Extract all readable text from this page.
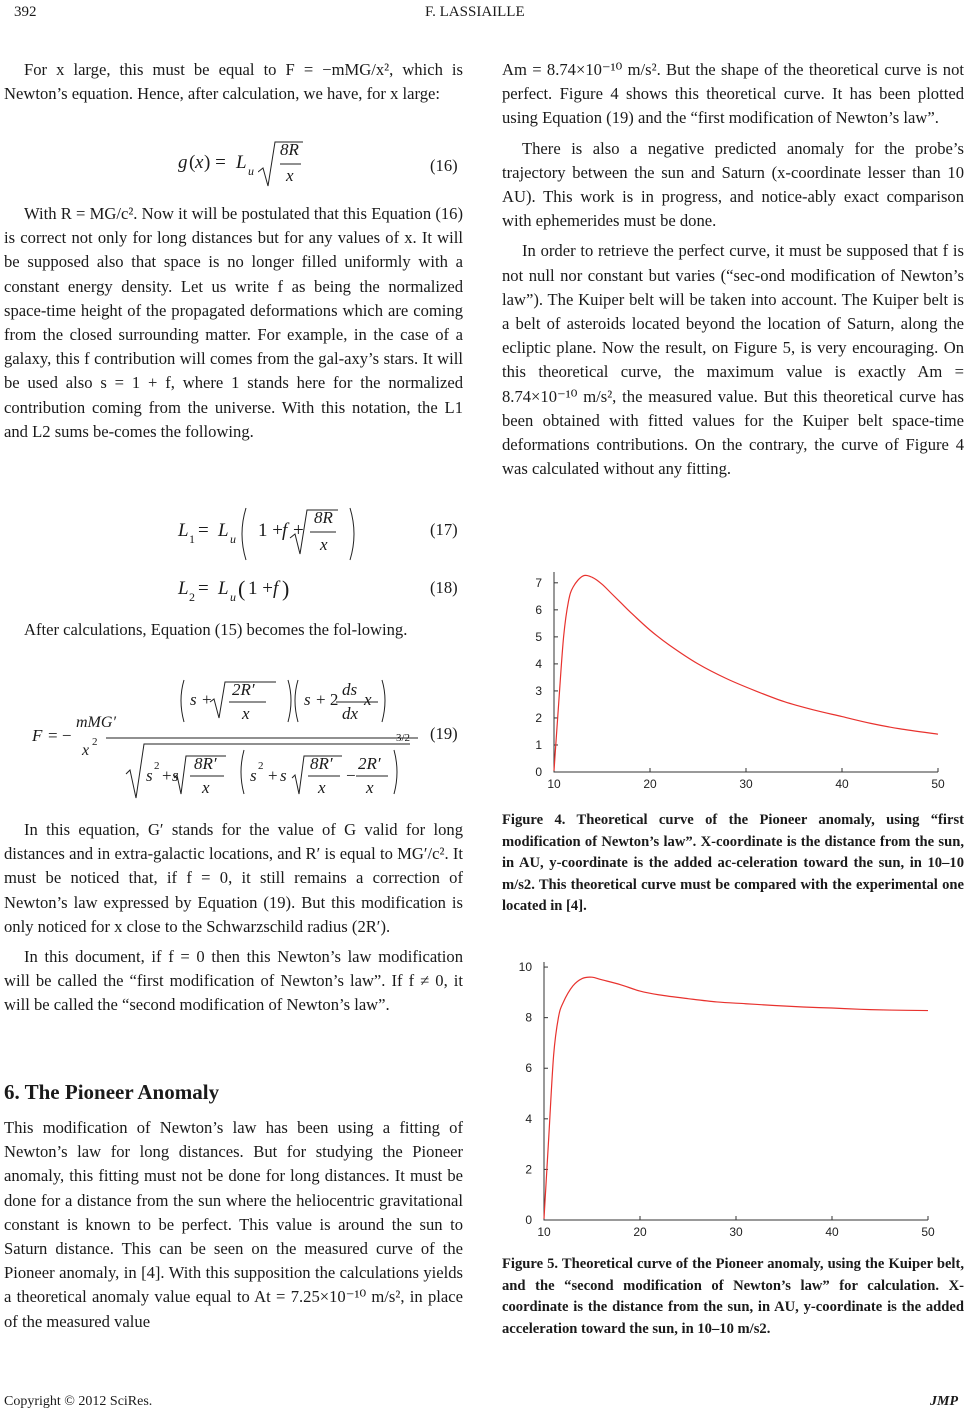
392	F. LASSIAILLE

For x large, this must be equal to F = −mMG/x², which is Newton’s equation. Hence, after calculation, we have, for x large:

g ( x ) = L u
8R
x
(16)

With R = MG/c². Now it will be postulated that this Equation (16) is correct not only for long distances but for any values of x. It will be supposed also that space is no longer filled uniformly with a constant energy density. Let us write f as being the normalized space-time height of the propagated deformations which are coming from the closed surrounding matter. For example, in the case of a galaxy, this f contribution will comes from the gal-axy’s stars. It will be used also s = 1 + f, where 1 stands here for the normalized contribution coming from the universe. With this notation, the L1 and L2 sums be-comes the following.

L 1 = L u 1 + f +
8R
x
(17)
L 2 = L u ( 1 + f )	(18)

After calculations, Equation (15) becomes the fol-lowing.

F = −
mMG′
x 2
s +
2R′
x
s + 2
ds
dx
x
3/2
s 2 + s
8R′
x
s 2 + s
8R′
x
−
2R′
x
(19)

In this equation, G′ stands for the value of G valid for long distances and in extra-galactic locations, and R′ is equal to MG′/c². It must be noticed that, if f = 0, it still remains a correction of Newton’s law expressed by Equation (19). But this modification is only noticed for x close to the Schwarzschild radius (2R′).

In this document, if f = 0 then this Newton’s law modification will be called the “first modification of Newton’s law”. If f ≠ 0, it will be called the “second modification of Newton’s law”.

6. The Pioneer Anomaly

This modification of Newton’s law has been using a fitting of Newton’s law for long distances. But for studying the Pioneer anomaly, this fitting must not be done for long distances. It must be done for a distance from the sun where the heliocentric gravitational constant is known to be perfect. This value is around the sun to Saturn distance. This can be seen on the measured curve of the Pioneer anomaly, in [4]. With this supposition the calculations yields a theoretical anomaly value equal to At = 7.25×10⁻¹⁰ m/s², in place of the measured value

Am = 8.74×10⁻¹⁰ m/s². But the shape of the theoretical curve is not perfect. Figure 4 shows this theoretical curve. It has been plotted using Equation (19) and the “first modification of Newton’s law”.

There is also a negative predicted anomaly for the probe’s trajectory between the sun and Saturn (x-coordinate lesser than 10 AU). This work is in progress, and notice-ably exact comparison with ephemerides must be done.

In order to retrieve the perfect curve, it must be supposed that f is not null nor constant but varies (“sec-ond modification of Newton’s law”). The Kuiper belt will be taken into account. The Kuiper belt is a belt of asteroids located beyond the location of Saturn, along the ecliptic plane. Now the result, on Figure 5, is very encouraging. On this theoretical curve, the maximum value is exactly Am = 8.74×10⁻¹⁰ m/s², the measured value. But this theoretical curve has been obtained with fitted values for the Kuiper belt space-time deformations contributions. On the contrary, the curve of Figure 4 was calculated without any fitting.

0
1
2
3
4
5
6
7
10	20	30	40	50
Figure 4. Theoretical curve of the Pioneer anomaly, using “first modification of Newton’s law”. X-coordinate is the distance from the sun, in AU, y-coordinate is the added ac-celeration toward the sun, in 10–10 m/s2. This theoretical curve must be compared with the experimental one located in [4].
0
2
4
6
8
10
10	20	30	40	50
Figure 5. Theoretical curve of the Pioneer anomaly, using the Kuiper belt, and the “second modification of Newton’s law” for calculation. X-coordinate is the distance from the sun, in AU, y-coordinate is the added acceleration toward the sun, in 10–10 m/s2.
Copyright © 2012 SciRes.	JMP
